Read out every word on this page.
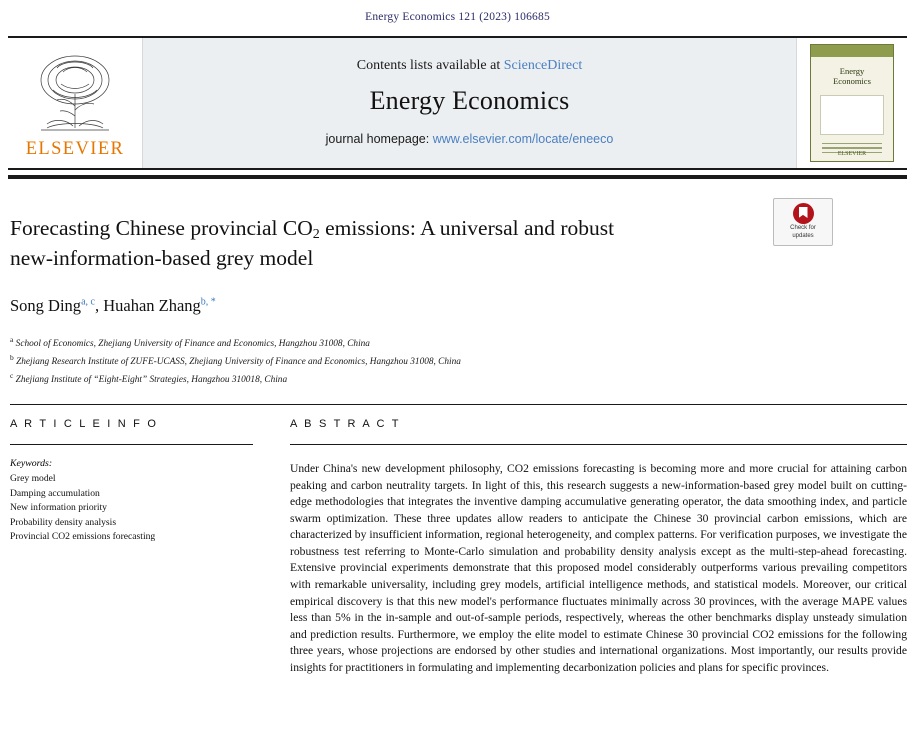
Energy Economics 121 (2023) 106685
ELSEVIER
Contents lists available at ScienceDirect
Energy Economics
journal homepage: www.elsevier.com/locate/eneeco
Energy
Economics
ELSEVIER
Check for
updates
Forecasting Chinese provincial $CO_2$ emissions: A universal and robust
new-information-based grey model
Song Ding$^{a, c}$, Huahan Zhang$^{b, *}$
$^a$ School of Economics, Zhejiang University of Finance and Economics, Hangzhou 31008, China
$^b$ Zhejiang Research Institute of ZUFE-UCASS, Zhejiang University of Finance and Economics, Hangzhou 31008, China
$^c$ Zhejiang Institute of “Eight-Eight” Strategies, Hangzhou 310018, China
A R T I C L E I N F O
Keywords:
Grey model
Damping accumulation
New information priority
Probability density analysis
Provincial CO2 emissions forecasting
A B S T R A C T
Under China's new development philosophy, CO2 emissions forecasting is becoming more and more crucial for attaining carbon peaking and carbon neutrality targets. In light of this, this research suggests a new-information-based grey model built on cutting-edge methodologies that integrates the inventive damping accumulative generating operator, the data smoothing index, and particle swarm optimization. These three updates allow readers to anticipate the Chinese 30 provincial carbon emissions, which are characterized by insufficient information, regional heterogeneity, and complex patterns. For verification purposes, we investigate the robustness test referring to Monte-Carlo simulation and probability density analysis except as the multi-step-ahead forecasting. Extensive provincial experiments demonstrate that this proposed model considerably outperforms various prevailing competitors with remarkable universality, including grey models, artificial intelligence methods, and statistical models. Moreover, our critical empirical discovery is that this new model's performance fluctuates minimally across 30 provinces, with the average MAPE values less than 5% in the in-sample and out-of-sample periods, respectively, whereas the other benchmarks display unsteady simulation and prediction results. Furthermore, we employ the elite model to estimate Chinese 30 provincial CO2 emissions for the following three years, whose projections are endorsed by other studies and international organizations. Most importantly, our results provide insights for practitioners in formulating and implementing decarbonization policies and plans for specific provinces.
